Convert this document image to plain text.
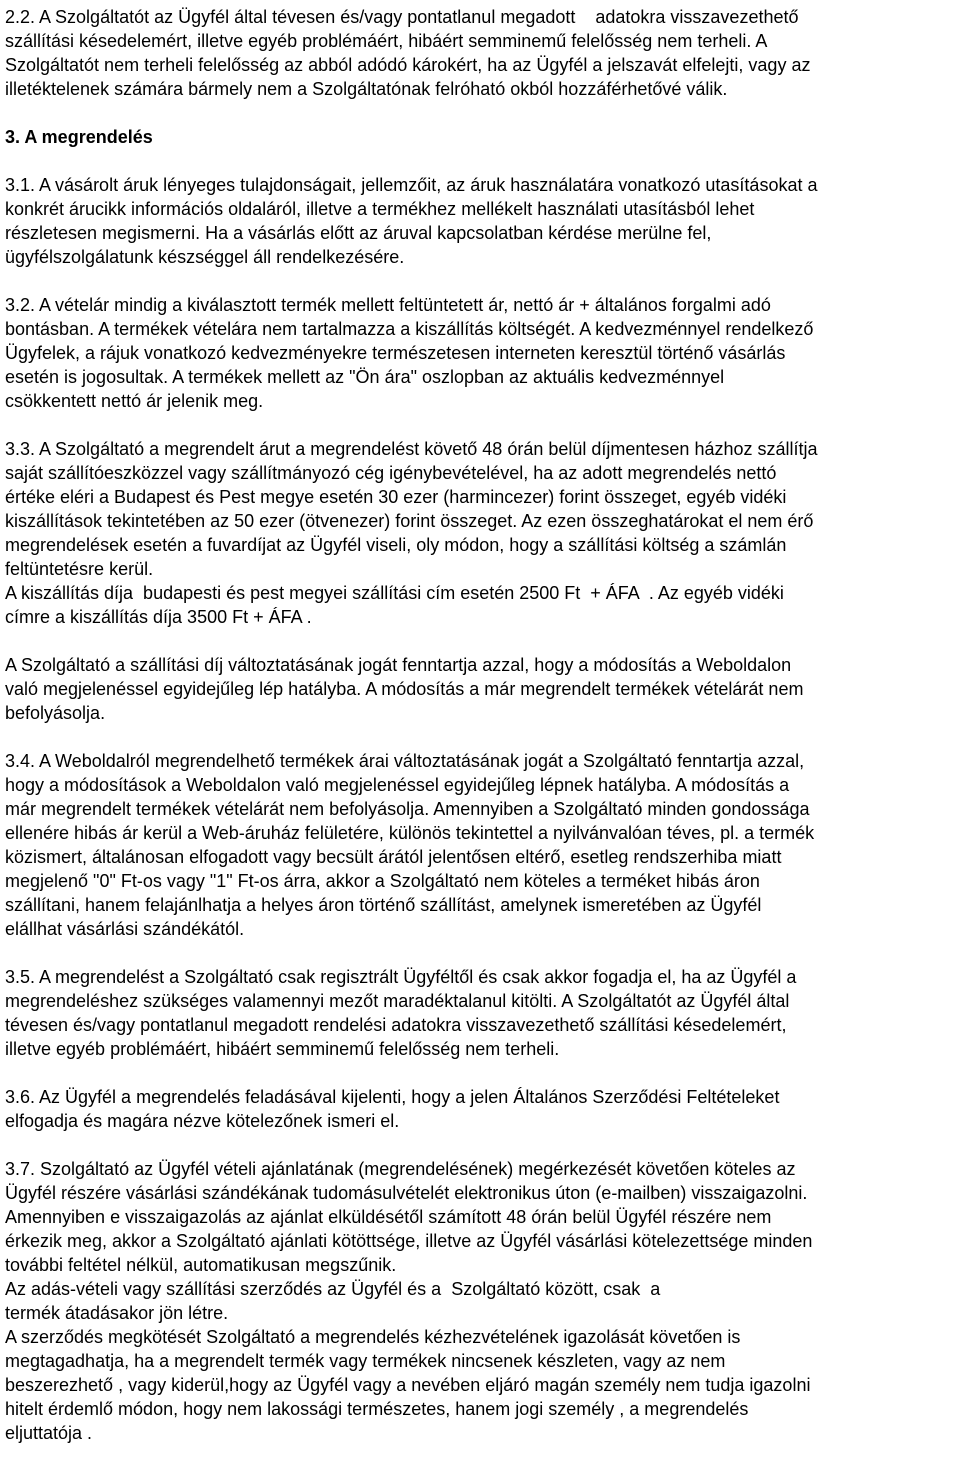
2.2. A Szolgáltatót az Ügyfél által tévesen és/vagy pontatlanul megadott    adatokra visszavezethető

szállítási késedelemért, illetve egyéb problémáért, hibáért semminemű felelősség nem terheli. A

Szolgáltatót nem terheli felelősség az abból adódó károkért, ha az Ügyfél a jelszavát elfelejti, vagy az

illetéktelenek számára bármely nem a Szolgáltatónak felróható okból hozzáférhetővé válik.

3. A megrendelés

3.1. A vásárolt áruk lényeges tulajdonságait, jellemzőit, az áruk használatára vonatkozó utasításokat a

konkrét árucikk információs oldaláról, illetve a termékhez mellékelt használati utasításból lehet

részletesen megismerni. Ha a vásárlás előtt az áruval kapcsolatban kérdése merülne fel,

ügyfélszolgálatunk készséggel áll rendelkezésére.

3.2. A vételár mindig a kiválasztott termék mellett feltüntetett ár, nettó ár + általános forgalmi adó

bontásban. A termékek vételára nem tartalmazza a kiszállítás költségét. A kedvezménnyel rendelkező

Ügyfelek, a rájuk vonatkozó kedvezményekre természetesen interneten keresztül történő vásárlás

esetén is jogosultak. A termékek mellett az "Ön ára" oszlopban az aktuális kedvezménnyel

csökkentett nettó ár jelenik meg.

3.3. A Szolgáltató a megrendelt árut a megrendelést követő 48 órán belül díjmentesen házhoz szállítja

saját szállítóeszközzel vagy szállítmányozó cég igénybevételével, ha az adott megrendelés nettó

értéke eléri a Budapest és Pest megye esetén 30 ezer (harmincezer) forint összeget, egyéb vidéki

kiszállítások tekintetében az 50 ezer (ötvenezer) forint összeget. Az ezen összeghatárokat el nem érő

megrendelések esetén a fuvardíjat az Ügyfél viseli, oly módon, hogy a szállítási költség a számlán

feltüntetésre kerül.

A kiszállítás díja  budapesti és pest megyei szállítási cím esetén 2500 Ft  + ÁFA  . Az egyéb vidéki

címre a kiszállítás díja 3500 Ft + ÁFA .

A Szolgáltató a szállítási díj változtatásának jogát fenntartja azzal, hogy a módosítás a Weboldalon

való megjelenéssel egyidejűleg lép hatályba. A módosítás a már megrendelt termékek vételárát nem

befolyásolja.

3.4. A Weboldalról megrendelhető termékek árai változtatásának jogát a Szolgáltató fenntartja azzal,

hogy a módosítások a Weboldalon való megjelenéssel egyidejűleg lépnek hatályba. A módosítás a

már megrendelt termékek vételárát nem befolyásolja. Amennyiben a Szolgáltató minden gondossága

ellenére hibás ár kerül a Web-áruház felületére, különös tekintettel a nyilvánvalóan téves, pl. a termék

közismert, általánosan elfogadott vagy becsült árától jelentősen eltérő, esetleg rendszerhiba miatt

megjelenő "0" Ft-os vagy "1" Ft-os árra, akkor a Szolgáltató nem köteles a terméket hibás áron

szállítani, hanem felajánlhatja a helyes áron történő szállítást, amelynek ismeretében az Ügyfél

elállhat vásárlási szándékától.

3.5. A megrendelést a Szolgáltató csak regisztrált Ügyféltől és csak akkor fogadja el, ha az Ügyfél a

megrendeléshez szükséges valamennyi mezőt maradéktalanul kitölti. A Szolgáltatót az Ügyfél által

tévesen és/vagy pontatlanul megadott rendelési adatokra visszavezethető szállítási késedelemért,

illetve egyéb problémáért, hibáért semminemű felelősség nem terheli.

3.6. Az Ügyfél a megrendelés feladásával kijelenti, hogy a jelen Általános Szerződési Feltételeket

elfogadja és magára nézve kötelezőnek ismeri el.

3.7. Szolgáltató az Ügyfél vételi ajánlatának (megrendelésének) megérkezését követően köteles az

Ügyfél részére vásárlási szándékának tudomásulvételét elektronikus úton (e-mailben) visszaigazolni.

Amennyiben e visszaigazolás az ajánlat elküldésétől számított 48 órán belül Ügyfél részére nem

érkezik meg, akkor a Szolgáltató ajánlati kötöttsége, illetve az Ügyfél vásárlási kötelezettsége minden

további feltétel nélkül, automatikusan megszűnik.

Az adás-vételi vagy szállítási szerződés az Ügyfél és a  Szolgáltató között, csak  a

termék átadásakor jön létre.

A szerződés megkötését Szolgáltató a megrendelés kézhezvételének igazolását követően is

megtagadhatja, ha a megrendelt termék vagy termékek nincsenek készleten, vagy az nem

beszerezhető , vagy kiderül,hogy az Ügyfél vagy a nevében eljáró magán személy nem tudja igazolni

hitelt érdemlő módon, hogy nem lakossági természetes, hanem jogi személy , a megrendelés

eljuttatója .
